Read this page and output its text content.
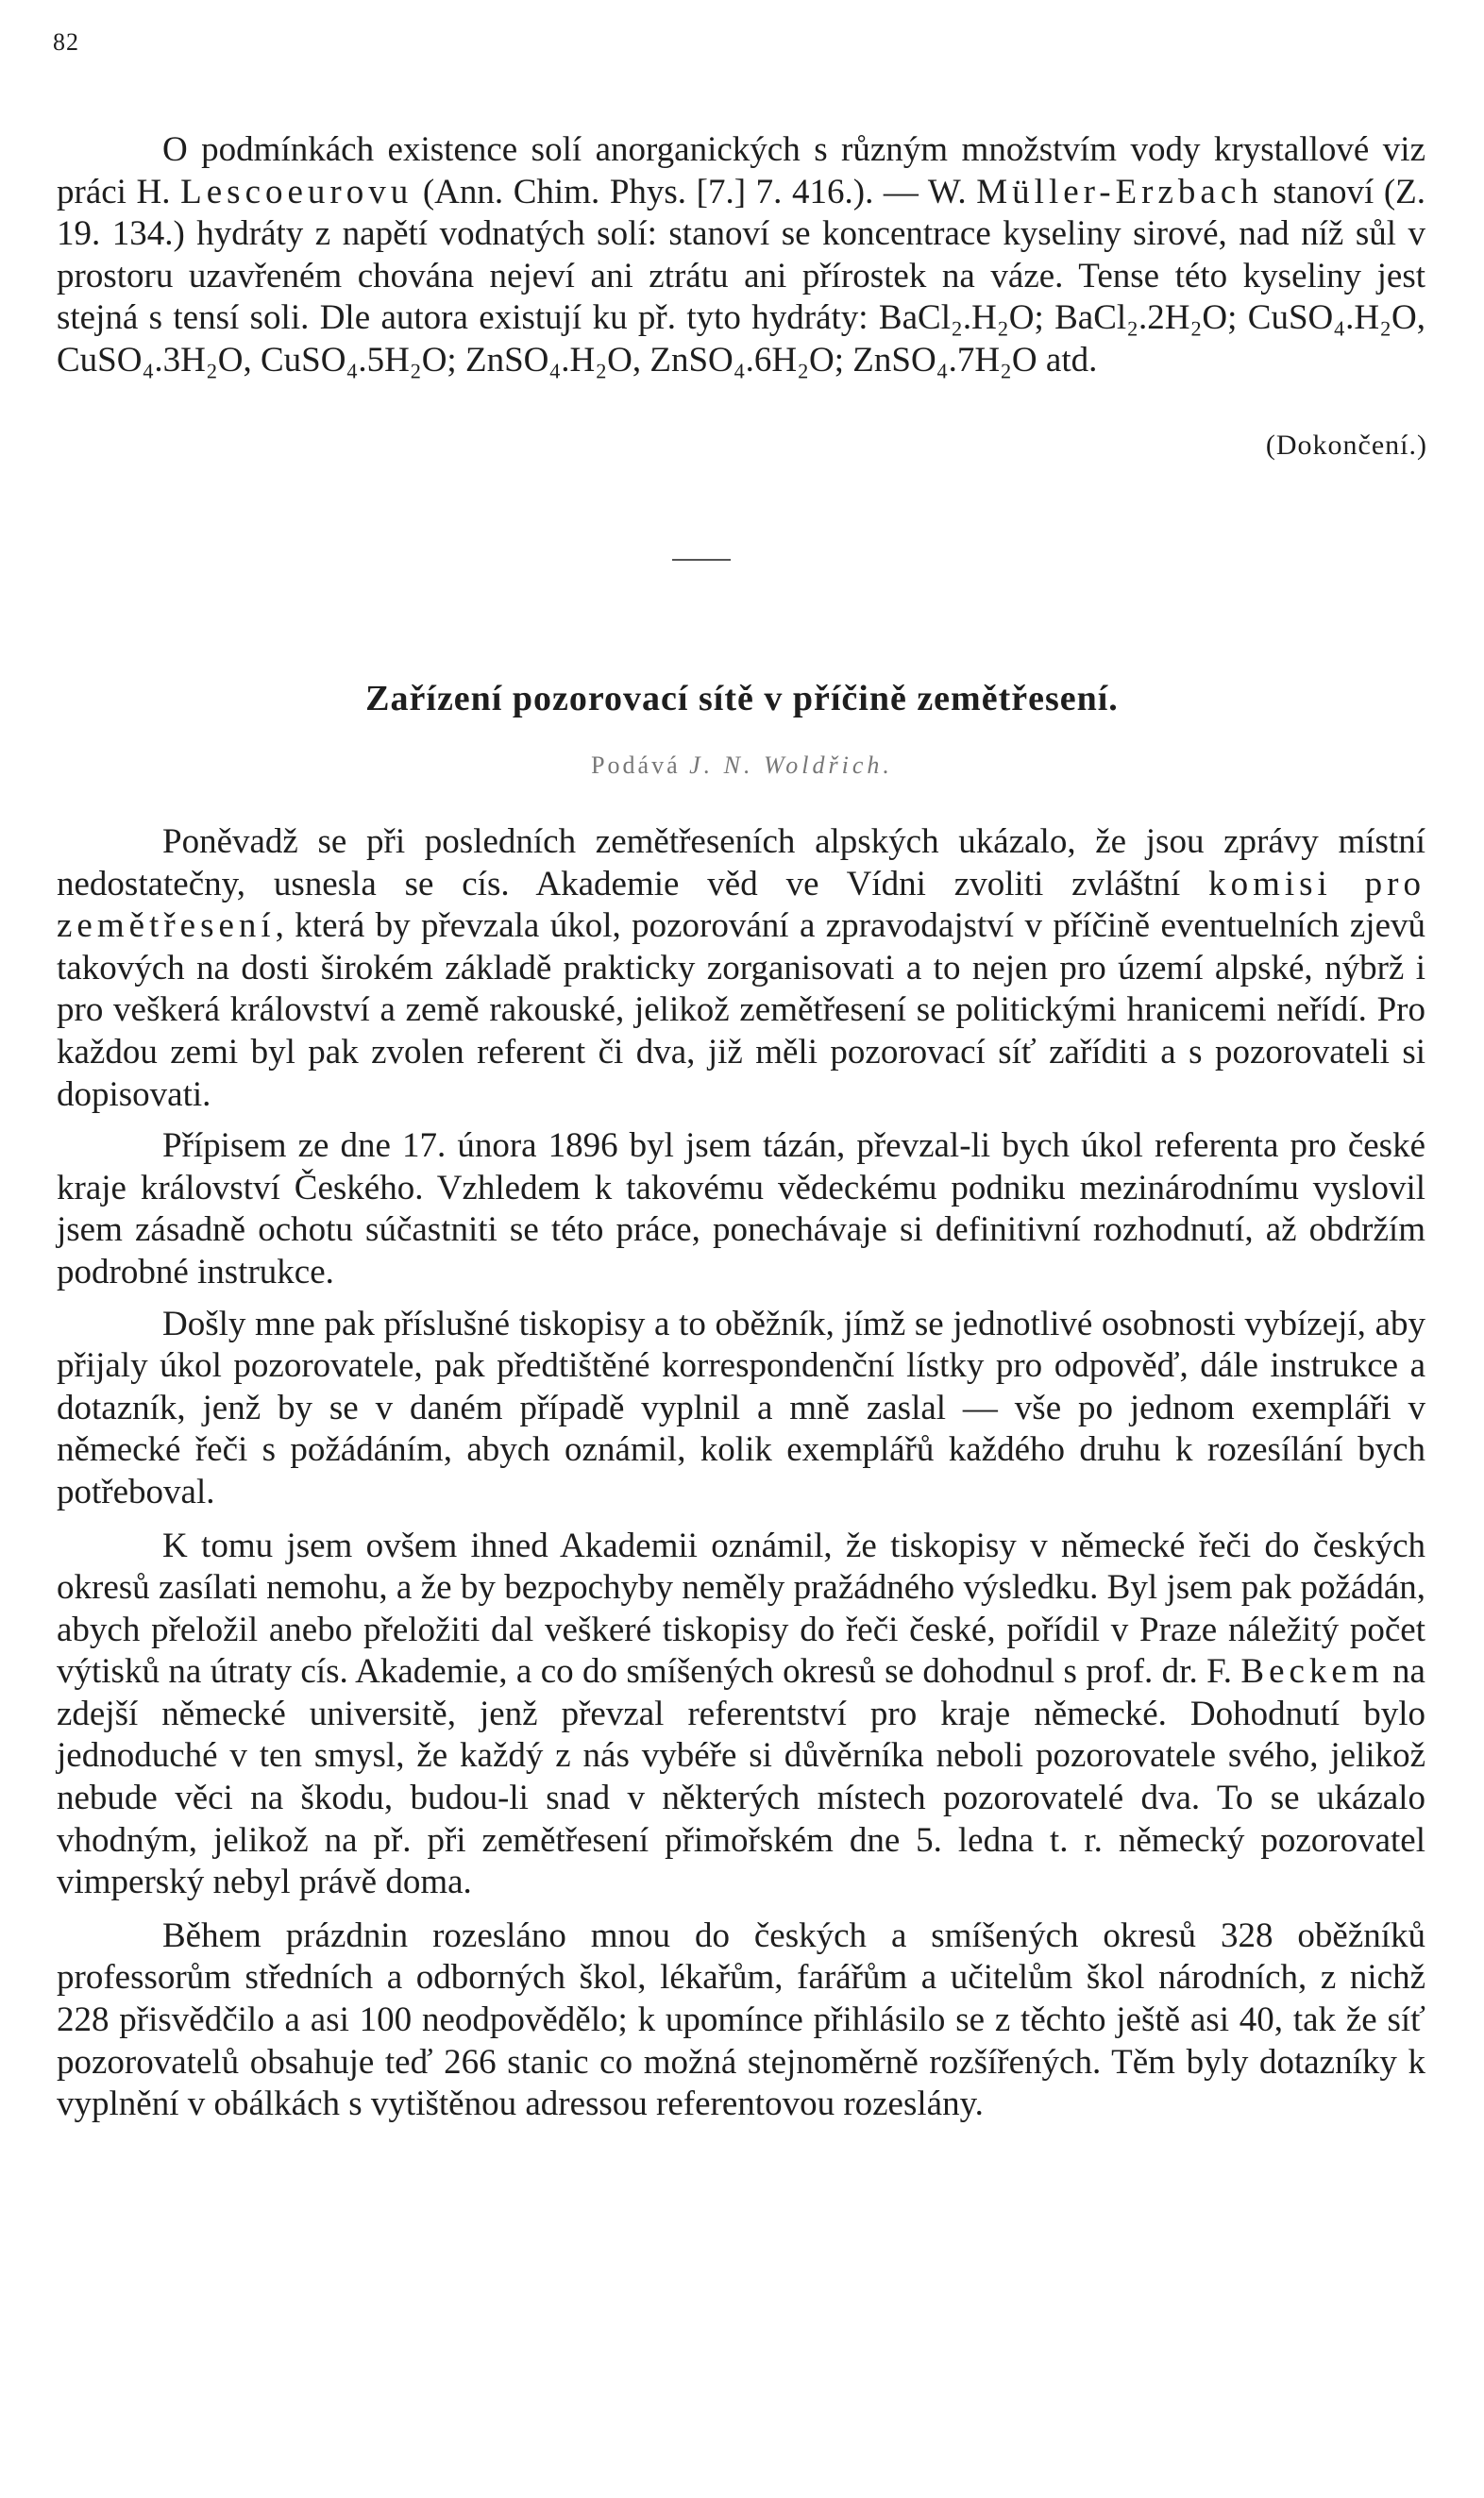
82

O podmínkách existence solí anorganických s různým množstvím vody krystallové viz práci H. Lescoeurovu (Ann. Chim. Phys. [7.] 7. 416.). — W. Müller-Erzbach stanoví (Z. 19. 134.) hydráty z napětí vodnatých solí: stanoví se koncentrace kyseliny sirové, nad níž sůl v prostoru uzavřeném chována nejeví ani ztrátu ani přírostek na váze. Tense této kyseliny jest stejná s tensí soli. Dle autora existují ku př. tyto hydráty: BaCl₂.H₂O; BaCl₂.2H₂O; CuSO₄.H₂O, CuSO₄.3H₂O, CuSO₄.5H₂O; ZnSO₄.H₂O, ZnSO₄.6H₂O; ZnSO₄.7H₂O atd.

(Dokončení.)
Zařízení pozorovací sítě v příčině zemětřesení.
Podává J. N. Woldřich.

Poněvadž se při posledních zemětřeseních alpských ukázalo, že jsou zprávy místní nedostatečny, usnesla se cís. Akademie věd ve Vídni zvoliti zvláštní komisi pro zemětřesení, která by převzala úkol, pozorování a zpravodajství v příčině eventuelních zjevů takových na dosti širokém základě prakticky zorganisovati a to nejen pro území alpské, nýbrž i pro veškerá království a země rakouské, jelikož zemětřesení se politickými hranicemi neřídí. Pro každou zemi byl pak zvolen referent či dva, již měli pozorovací síť zaříditi a s pozorovateli si dopisovati.

Přípisem ze dne 17. února 1896 byl jsem tázán, převzal-li bych úkol referenta pro české kraje království Českého. Vzhledem k takovému vědeckému podniku mezinárodnímu vyslovil jsem zásadně ochotu súčastniti se této práce, ponechávaje si definitivní rozhodnutí, až obdržím podrobné instrukce.

Došly mne pak příslušné tiskopisy a to oběžník, jímž se jednotlivé osobnosti vybízejí, aby přijaly úkol pozorovatele, pak předtištěné korrespondenční lístky pro odpověď, dále instrukce a dotazník, jenž by se v daném případě vyplnil a mně zaslal — vše po jednom exempláři v německé řeči s požádáním, abych oznámil, kolik exemplářů každého druhu k rozesílání bych potřeboval.

K tomu jsem ovšem ihned Akademii oznámil, že tiskopisy v německé řeči do českých okresů zasílati nemohu, a že by bezpochyby neměly pražádného výsledku. Byl jsem pak požádán, abych přeložil anebo přeložiti dal veškeré tiskopisy do řeči české, pořídil v Praze náležitý počet výtisků na útraty cís. Akademie, a co do smíšených okresů se dohodnul s prof. dr. F. Beckem na zdejší německé universitě, jenž převzal referentství pro kraje německé. Dohodnutí bylo jednoduché v ten smysl, že každý z nás vybéře si důvěrníka neboli pozorovatele svého, jelikož nebude věci na škodu, budou-li snad v některých místech pozorovatelé dva. To se ukázalo vhodným, jelikož na př. při zemětřesení přimořském dne 5. ledna t. r. německý pozorovatel vimperský nebyl právě doma.

Během prázdnin rozesláno mnou do českých a smíšených okresů 328 oběžníků professorům středních a odborných škol, lékařům, farářům a učitelům škol národních, z nichž 228 přisvědčilo a asi 100 neodpovědělo; k upomínce přihlásilo se z těchto ještě asi 40, tak že síť pozorovatelů obsahuje teď 266 stanic co možná stejnoměrně rozšířených. Těm byly dotazníky k vyplnění v obálkách s vytištěnou adressou referentovou rozeslány.
